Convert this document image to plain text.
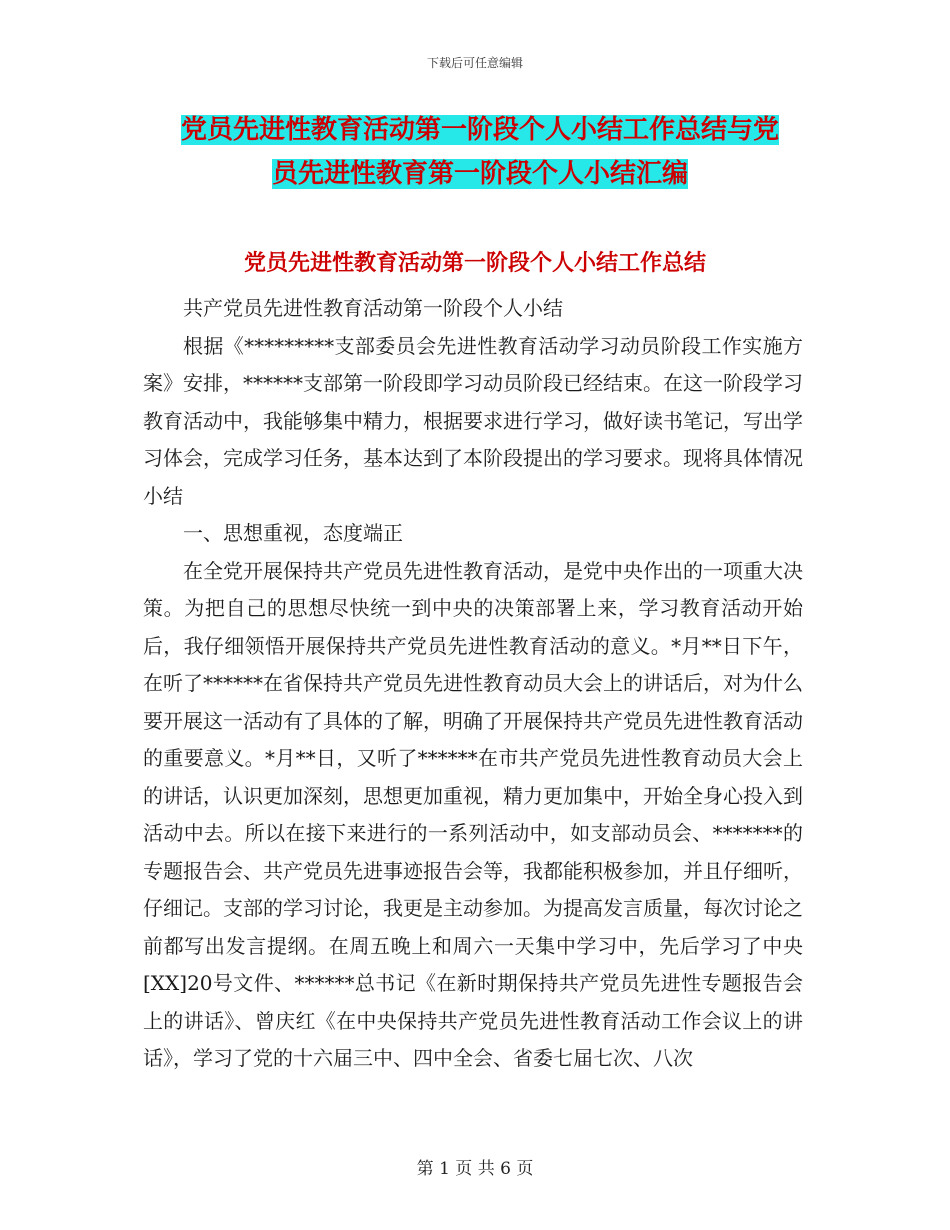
下载后可任意编辑
党员先进性教育活动第一阶段个人小结工作总结与党
员先进性教育第一阶段个人小结汇编
党员先进性教育活动第一阶段个人小结工作总结

共产党员先进性教育活动第一阶段个人小结

根据《*********支部委员会先进性教育活动学习动员阶段工作实施方案》安排，******支部第一阶段即学习动员阶段已经结束。在这一阶段学习教育活动中，我能够集中精力，根据要求进行学习，做好读书笔记，写出学习体会，完成学习任务，基本达到了本阶段提出的学习要求。现将具体情况小结

一、思想重视，态度端正

在全党开展保持共产党员先进性教育活动，是党中央作出的一项重大决策。为把自己的思想尽快统一到中央的决策部署上来，学习教育活动开始后，我仔细领悟开展保持共产党员先进性教育活动的意义。*月**日下午，在听了******在省保持共产党员先进性教育动员大会上的讲话后，对为什么要开展这一活动有了具体的了解，明确了开展保持共产党员先进性教育活动的重要意义。*月**日，又听了******在市共产党员先进性教育动员大会上的讲话，认识更加深刻，思想更加重视，精力更加集中，开始全身心投入到活动中去。所以在接下来进行的一系列活动中，如支部动员会、*******的专题报告会、共产党员先进事迹报告会等，我都能积极参加，并且仔细听，仔细记。支部的学习讨论，我更是主动参加。为提高发言质量，每次讨论之前都写出发言提纲。在周五晚上和周六一天集中学习中，先后学习了中央[XX]20号文件、******总书记《在新时期保持共产党员先进性专题报告会上的讲话》、曾庆红《在中央保持共产党员先进性教育活动工作会议上的讲话》，学习了党的十六届三中、四中全会、省委七届七次、八次

第 1 页 共 6 页
